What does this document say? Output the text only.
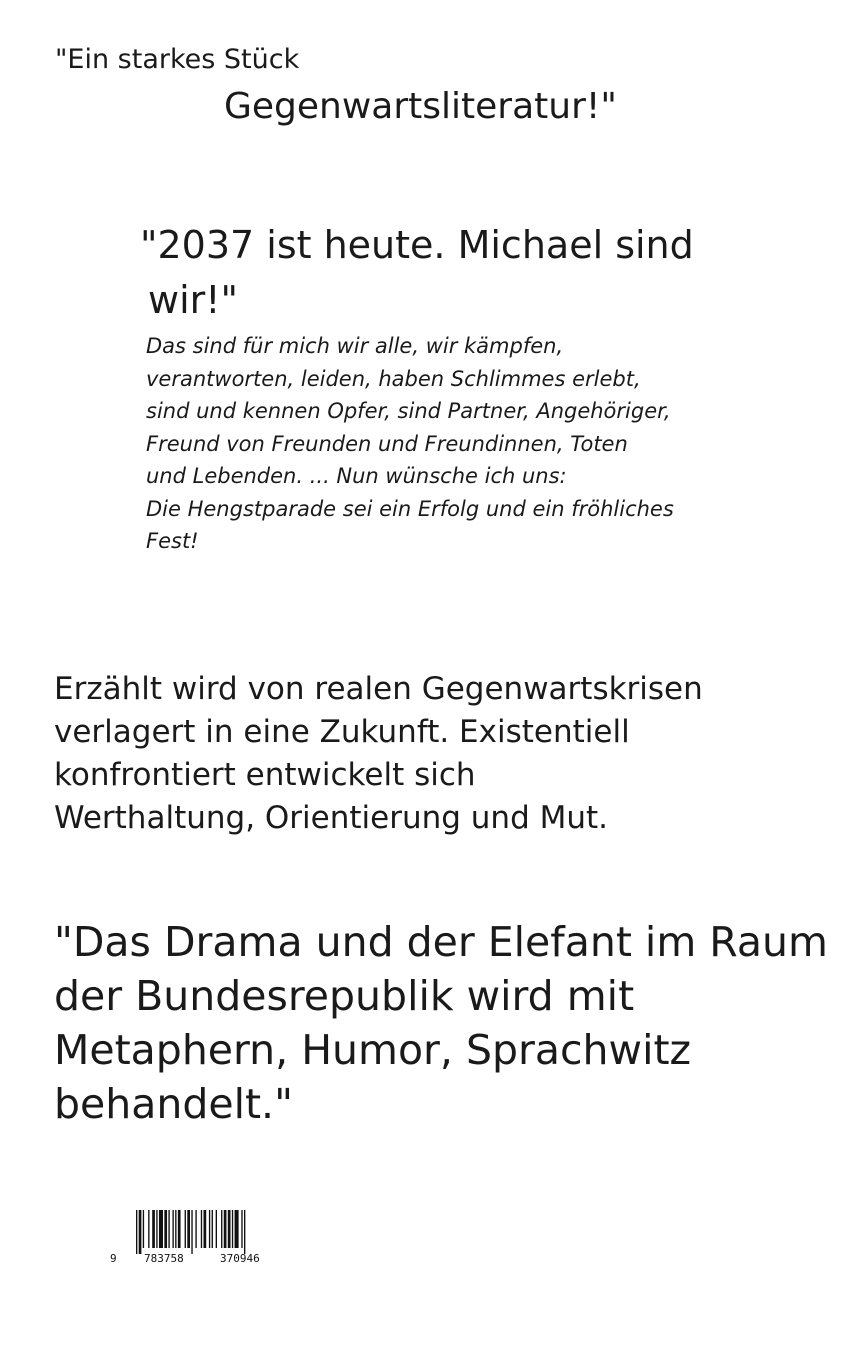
"Ein starkes Stück
Gegenwartsliteratur!"
"2037 ist heute. Michael sind
wir!"
Das sind für mich wir alle, wir kämpfen,
verantworten, leiden, haben Schlimmes erlebt,
sind und kennen Opfer, sind Partner, Angehöriger,
Freund von Freunden und Freundinnen, Toten
und Lebenden. ... Nun wünsche ich uns:
Die Hengstparade sei ein Erfolg und ein fröhliches
Fest!
Erzählt wird von realen Gegenwartskrisen
verlagert in eine Zukunft. Existentiell
konfrontiert entwickelt sich
Werthaltung, Orientierung und Mut.
"Das Drama und der Elefant im Raum
der Bundesrepublik wird mit
Metaphern, Humor, Sprachwitz
behandelt."
9 783758	370946
